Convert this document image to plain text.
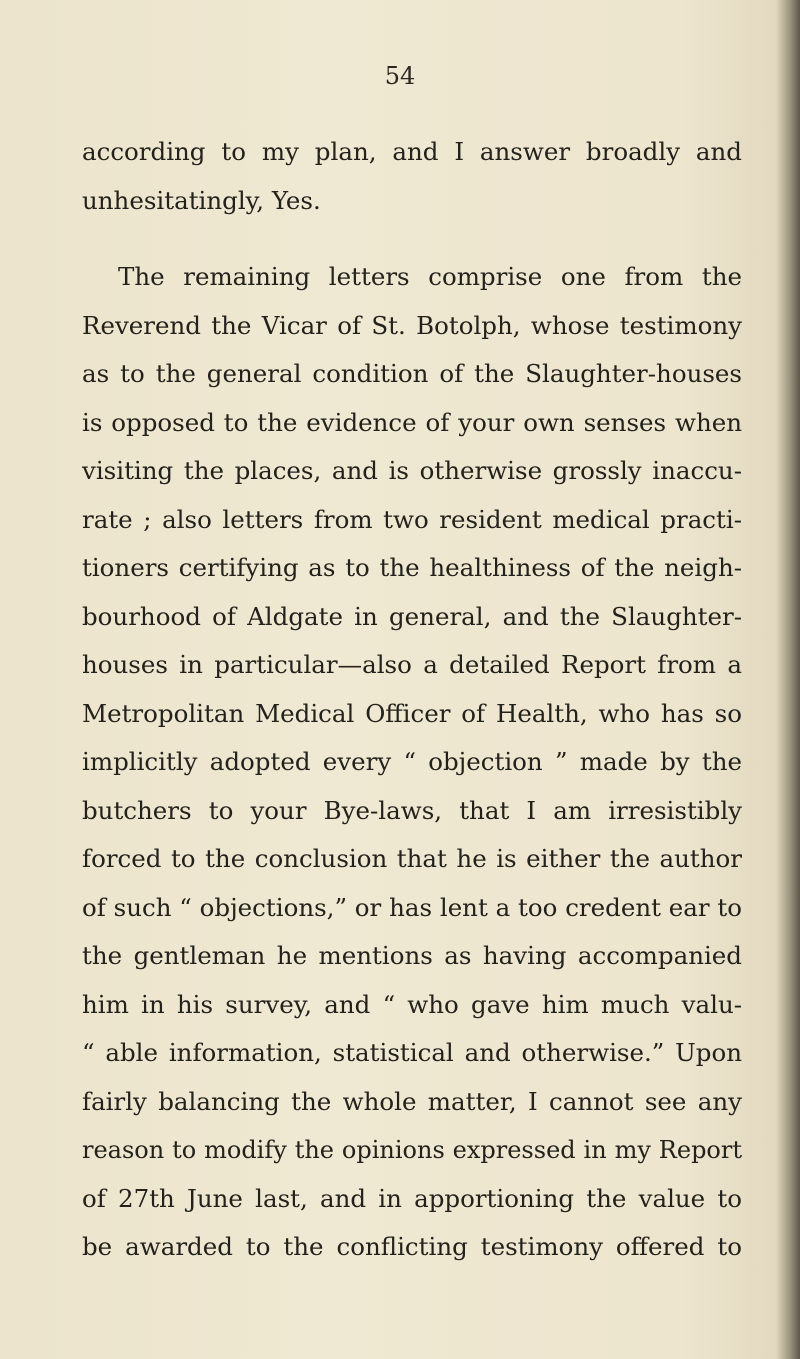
54
according to my plan, and I answer broadly and
unhesitatingly, Yes.
The remaining letters comprise one from the
Reverend the Vicar of St. Botolph, whose testimony
as to the general condition of the Slaughter-houses
is opposed to the evidence of your own senses when
visiting the places, and is otherwise grossly inaccu-
rate ; also letters from two resident medical practi-
tioners certifying as to the healthiness of the neigh-
bourhood of Aldgate in general, and the Slaughter-
houses in particular—also a detailed Report from a
Metropolitan Medical Officer of Health, who has so
implicitly adopted every “ objection ” made by the
butchers to your Bye-laws, that I am irresistibly
forced to the conclusion that he is either the author
of such “ objections,” or has lent a too credent ear to
the gentleman he mentions as having accompanied
him in his survey, and “ who gave him much valu-
“ able information, statistical and otherwise.” Upon
fairly balancing the whole matter, I cannot see any
reason to modify the opinions expressed in my Report
of 27th June last, and in apportioning the value to
be awarded to the conflicting testimony offered to
